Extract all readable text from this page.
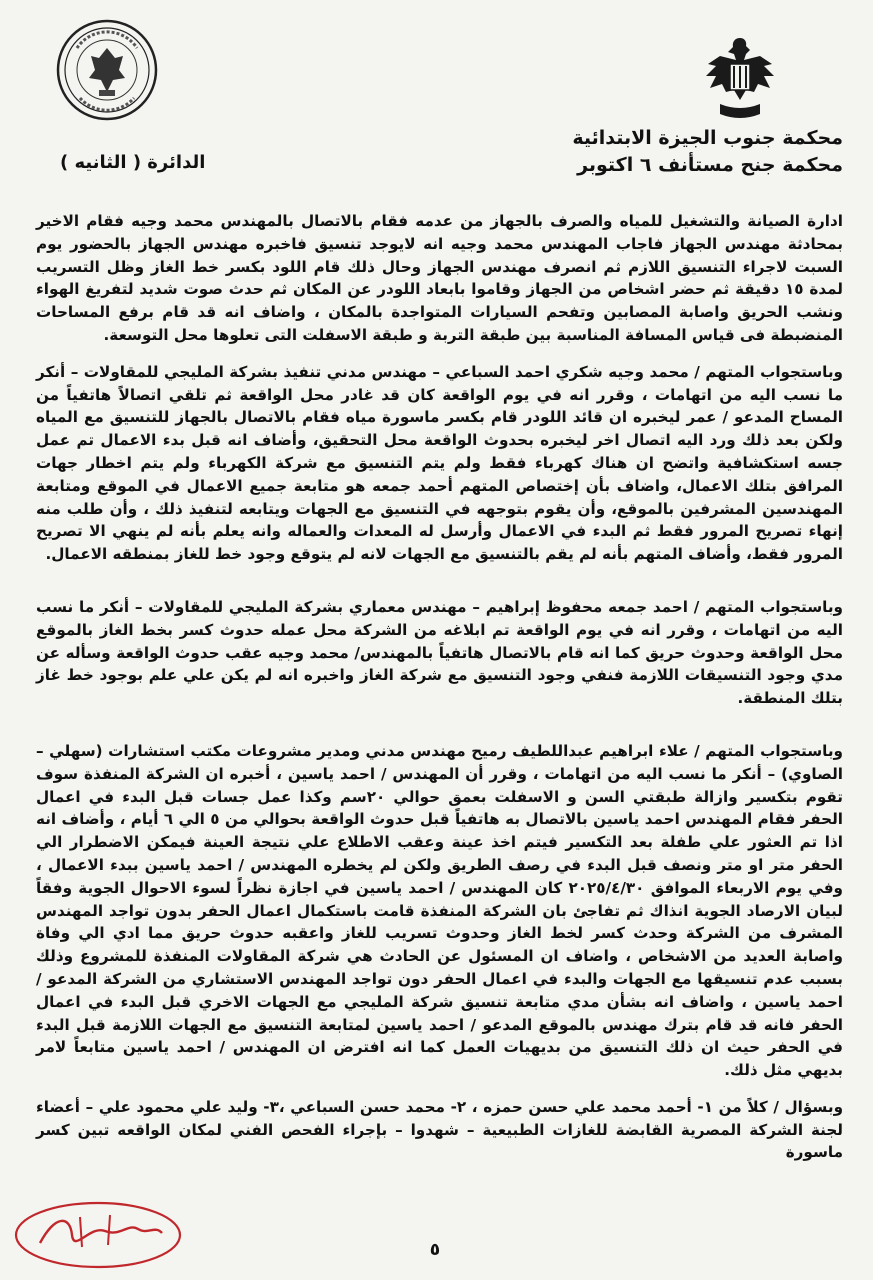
محكمة جنوب الجيزة الابتدائية
محكمة جنح مستأنف ٦ اكتوبر
الدائرة ( الثانيه )

ادارة الصيانة والتشغيل للمياه والصرف بالجهاز من عدمه فقام بالاتصال بالمهندس محمد وجيه فقام الاخير بمحادثة مهندس الجهاز فاجاب المهندس محمد وجيه انه لايوجد تنسيق فاخبره مهندس الجهاز بالحضور يوم السبت لاجراء التنسيق اللازم ثم انصرف مهندس الجهاز وحال ذلك قام اللود بكسر خط الغاز وظل التسريب لمدة ١٥ دقيقة ثم حضر اشخاص من الجهاز وقاموا بابعاد اللودر عن المكان ثم حدث صوت شديد لتفريغ الهواء ونشب الحريق واصابة المصابين وتفحم السيارات المتواجدة بالمكان ، واضاف انه قد قام برفع المساحات المنضبطة فى قياس المسافة المناسبة بين طبقة التربة و طبقة الاسفلت التى تعلوها محل التوسعة.

وباستجواب المتهم / محمد وجيه شكري احمد السباعي – مهندس مدني تنفيذ بشركة المليجي للمقاولات – أنكر ما نسب اليه من اتهامات ، وقرر انه في يوم الواقعة كان قد غادر محل الواقعة ثم تلقي اتصالاً هاتفياً من المساح المدعو / عمر ليخبره ان قائد اللودر قام بكسر ماسورة مياه فقام بالاتصال بالجهاز للتنسيق مع المياه ولكن بعد ذلك ورد اليه اتصال اخر ليخبره بحدوث الواقعة محل التحقيق، وأضاف انه قبل بدء الاعمال تم عمل جسه استكشافية واتضح ان هناك كهرباء فقط ولم يتم التنسيق مع شركة الكهرباء ولم يتم اخطار جهات المرافق بتلك الاعمال، واضاف بأن إختصاص المتهم أحمد جمعه هو متابعة جميع الاعمال في الموقع ومتابعة المهندسين المشرفين بالموقع، وأن يقوم بتوجهه في التنسيق مع الجهات ويتابعه لتنفيذ ذلك ، وأن طلب منه إنهاء تصريح المرور فقط ثم البدء في الاعمال وأرسل له المعدات والعماله وانه يعلم بأنه لم ينهي الا تصريح المرور فقط، وأضاف المتهم بأنه لم يقم بالتنسيق مع الجهات لانه لم يتوقع وجود خط للغاز بمنطقه الاعمال.

وباستجواب المتهم / احمد جمعه محفوظ إبراهيم – مهندس معماري بشركة المليجي للمقاولات – أنكر ما نسب اليه من اتهامات ، وقرر انه في يوم الواقعة تم ابلاغه من الشركة محل عمله حدوث كسر بخط الغاز بالموقع محل الواقعة وحدوث حريق كما انه قام بالاتصال هاتفياً بالمهندس/ محمد وجيه عقب حدوث الواقعة وسأله عن مدي وجود التنسيقات اللازمة فنفي وجود التنسيق مع شركة الغاز واخبره انه لم يكن علي علم بوجود خط غاز بتلك المنطقة.

وباستجواب المتهم / علاء ابراهيم عبداللطيف رميح مهندس مدني ومدير مشروعات مكتب استشارات (سهلي – الصاوي) – أنكر ما نسب اليه من اتهامات ، وقرر أن المهندس / احمد ياسين ، أخبره ان الشركة المنفذة سوف تقوم بتكسير وازالة طبقتي السن و الاسفلت بعمق حوالي ٢٠سم وكذا عمل جسات قبل البدء في اعمال الحفر فقام المهندس احمد ياسين بالاتصال به هاتفياً قبل حدوث الواقعة بحوالي من ٥ الي ٦ أيام ، وأضاف انه اذا تم العثور علي طفلة بعد التكسير فيتم اخذ عينة وعقب الاطلاع علي نتيجة العينة فيمكن الاضطرار الي الحفر متر او متر ونصف قبل البدء في رصف الطريق ولكن لم يخطره المهندس / احمد ياسين ببدء الاعمال ، وفي يوم الاربعاء الموافق ٢٠٢٥/٤/٣٠ كان المهندس / احمد ياسين في اجازة نظراً لسوء الاحوال الجوية وفقاً لبيان الارصاد الجوية انذاك ثم تفاجئ بان الشركة المنفذة قامت باستكمال اعمال الحفر بدون تواجد المهندس المشرف من الشركة وحدث كسر لخط الغاز وحدوث تسريب للغاز واعقبه حدوث حريق مما ادي الي وفاة واصابة العديد من الاشخاص ، واضاف ان المسئول عن الحادث هي شركة المقاولات المنفذة للمشروع وذلك بسبب عدم تنسيقها مع الجهات والبدء في اعمال الحفر دون تواجد المهندس الاستشاري من الشركة المدعو / احمد ياسين ، واضاف انه بشأن مدي متابعة تنسيق شركة المليجي مع الجهات الاخري قبل البدء في اعمال الحفر فانه قد قام بترك مهندس بالموقع المدعو / احمد ياسين لمتابعة التنسيق مع الجهات اللازمة قبل البدء في الحفر حيث ان ذلك التنسيق من بديهيات العمل كما انه افترض ان المهندس / احمد ياسين متابعاً لامر بديهي مثل ذلك.

وبسؤال / كلاً من ١- أحمد محمد علي حسن حمزه ، ٢- محمد حسن السباعي ،٣- وليد علي محمود علي – أعضاء لجنة الشركة المصرية القابضة للغازات الطبيعية – شهدوا – بإجراء الفحص الفني لمكان الواقعه تبين كسر ماسورة

٥
